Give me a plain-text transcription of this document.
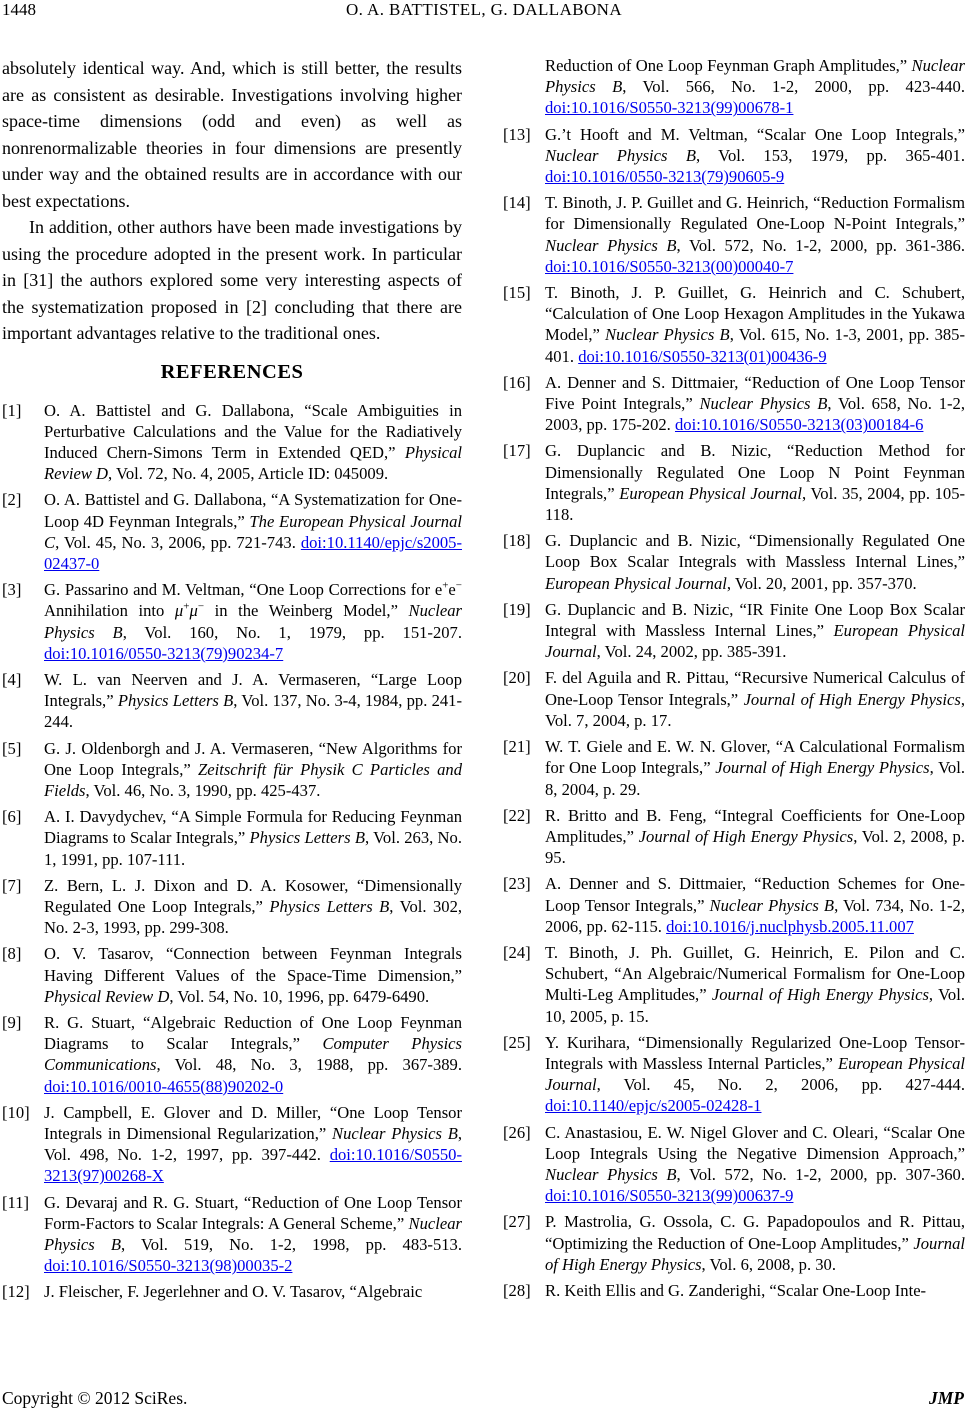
1448	O. A. BATTISTEL, G. DALLABONA

absolutely identical way. And, which is still better, the results are as consistent as desirable. Investigations involving higher space-time dimensions (odd and even) as well as nonrenormalizable theories in four dimensions are presently under way and the obtained results are in accordance with our best expectations.

In addition, other authors have been made investigations by using the procedure adopted in the present work. In particular in [31] the authors explored some very interesting aspects of the systematization proposed in [2] concluding that there are important advantages relative to the traditional ones.

REFERENCES
[1] O. A. Battistel and G. Dallabona, “Scale Ambiguities in Perturbative Calculations and the Value for the Radiatively Induced Chern-Simons Term in Extended QED,” Physical Review D, Vol. 72, No. 4, 2005, Article ID: 045009.
[2] O. A. Battistel and G. Dallabona, “A Systematization for One-Loop 4D Feynman Integrals,” The European Physical Journal C, Vol. 45, No. 3, 2006, pp. 721-743. doi:10.1140/epjc/s2005-02437-0
[3] G. Passarino and M. Veltman, “One Loop Corrections for e+e− Annihilation into μ+μ− in the Weinberg Model,” Nuclear Physics B, Vol. 160, No. 1, 1979, pp. 151-207. doi:10.1016/0550-3213(79)90234-7
[4] W. L. van Neerven and J. A. Vermaseren, “Large Loop Integrals,” Physics Letters B, Vol. 137, No. 3-4, 1984, pp. 241-244.
[5] G. J. Oldenborgh and J. A. Vermaseren, “New Algorithms for One Loop Integrals,” Zeitschrift für Physik C Particles and Fields, Vol. 46, No. 3, 1990, pp. 425-437.
[6] A. I. Davydychev, “A Simple Formula for Reducing Feynman Diagrams to Scalar Integrals,” Physics Letters B, Vol. 263, No. 1, 1991, pp. 107-111.
[7] Z. Bern, L. J. Dixon and D. A. Kosower, “Dimensionally Regulated One Loop Integrals,” Physics Letters B, Vol. 302, No. 2-3, 1993, pp. 299-308.
[8] O. V. Tasarov, “Connection between Feynman Integrals Having Different Values of the Space-Time Dimension,” Physical Review D, Vol. 54, No. 10, 1996, pp. 6479-6490.
[9] R. G. Stuart, “Algebraic Reduction of One Loop Feynman Diagrams to Scalar Integrals,” Computer Physics Communications, Vol. 48, No. 3, 1988, pp. 367-389. doi:10.1016/0010-4655(88)90202-0
[10] J. Campbell, E. Glover and D. Miller, “One Loop Tensor Integrals in Dimensional Regularization,” Nuclear Physics B, Vol. 498, No. 1-2, 1997, pp. 397-442. doi:10.1016/S0550-3213(97)00268-X
[11] G. Devaraj and R. G. Stuart, “Reduction of One Loop Tensor Form-Factors to Scalar Integrals: A General Scheme,” Nuclear Physics B, Vol. 519, No. 1-2, 1998, pp. 483-513. doi:10.1016/S0550-3213(98)00035-2
[12] J. Fleischer, F. Jegerlehner and O. V. Tasarov, “Algebraic
Reduction of One Loop Feynman Graph Amplitudes,” Nuclear Physics B, Vol. 566, No. 1-2, 2000, pp. 423-440. doi:10.1016/S0550-3213(99)00678-1
[13] G.’t Hooft and M. Veltman, “Scalar One Loop Integrals,” Nuclear Physics B, Vol. 153, 1979, pp. 365-401. doi:10.1016/0550-3213(79)90605-9
[14] T. Binoth, J. P. Guillet and G. Heinrich, “Reduction Formalism for Dimensionally Regulated One-Loop N-Point Integrals,” Nuclear Physics B, Vol. 572, No. 1-2, 2000, pp. 361-386. doi:10.1016/S0550-3213(00)00040-7
[15] T. Binoth, J. P. Guillet, G. Heinrich and C. Schubert, “Calculation of One Loop Hexagon Amplitudes in the Yukawa Model,” Nuclear Physics B, Vol. 615, No. 1-3, 2001, pp. 385-401. doi:10.1016/S0550-3213(01)00436-9
[16] A. Denner and S. Dittmaier, “Reduction of One Loop Tensor Five Point Integrals,” Nuclear Physics B, Vol. 658, No. 1-2, 2003, pp. 175-202. doi:10.1016/S0550-3213(03)00184-6
[17] G. Duplancic and B. Nizic, “Reduction Method for Dimensionally Regulated One Loop N Point Feynman Integrals,” European Physical Journal, Vol. 35, 2004, pp. 105-118.
[18] G. Duplancic and B. Nizic, “Dimensionally Regulated One Loop Box Scalar Integrals with Massless Internal Lines,” European Physical Journal, Vol. 20, 2001, pp. 357-370.
[19] G. Duplancic and B. Nizic, “IR Finite One Loop Box Scalar Integral with Massless Internal Lines,” European Physical Journal, Vol. 24, 2002, pp. 385-391.
[20] F. del Aguila and R. Pittau, “Recursive Numerical Calculus of One-Loop Tensor Integrals,” Journal of High Energy Physics, Vol. 7, 2004, p. 17.
[21] W. T. Giele and E. W. N. Glover, “A Calculational Formalism for One Loop Integrals,” Journal of High Energy Physics, Vol. 8, 2004, p. 29.
[22] R. Britto and B. Feng, “Integral Coefficients for One-Loop Amplitudes,” Journal of High Energy Physics, Vol. 2, 2008, p. 95.
[23] A. Denner and S. Dittmaier, “Reduction Schemes for One-Loop Tensor Integrals,” Nuclear Physics B, Vol. 734, No. 1-2, 2006, pp. 62-115. doi:10.1016/j.nuclphysb.2005.11.007
[24] T. Binoth, J. Ph. Guillet, G. Heinrich, E. Pilon and C. Schubert, “An Algebraic/Numerical Formalism for One-Loop Multi-Leg Amplitudes,” Journal of High Energy Physics, Vol. 10, 2005, p. 15.
[25] Y. Kurihara, “Dimensionally Regularized One-Loop Tensor-Integrals with Massless Internal Particles,” European Physical Journal, Vol. 45, No. 2, 2006, pp. 427-444. doi:10.1140/epjc/s2005-02428-1
[26] C. Anastasiou, E. W. Nigel Glover and C. Oleari, “Scalar One Loop Integrals Using the Negative Dimension Approach,” Nuclear Physics B, Vol. 572, No. 1-2, 2000, pp. 307-360. doi:10.1016/S0550-3213(99)00637-9
[27] P. Mastrolia, G. Ossola, C. G. Papadopoulos and R. Pittau, “Optimizing the Reduction of One-Loop Amplitudes,” Journal of High Energy Physics, Vol. 6, 2008, p. 30.
[28] R. Keith Ellis and G. Zanderighi, “Scalar One-Loop Inte-
Copyright © 2012 SciRes.	JMP
